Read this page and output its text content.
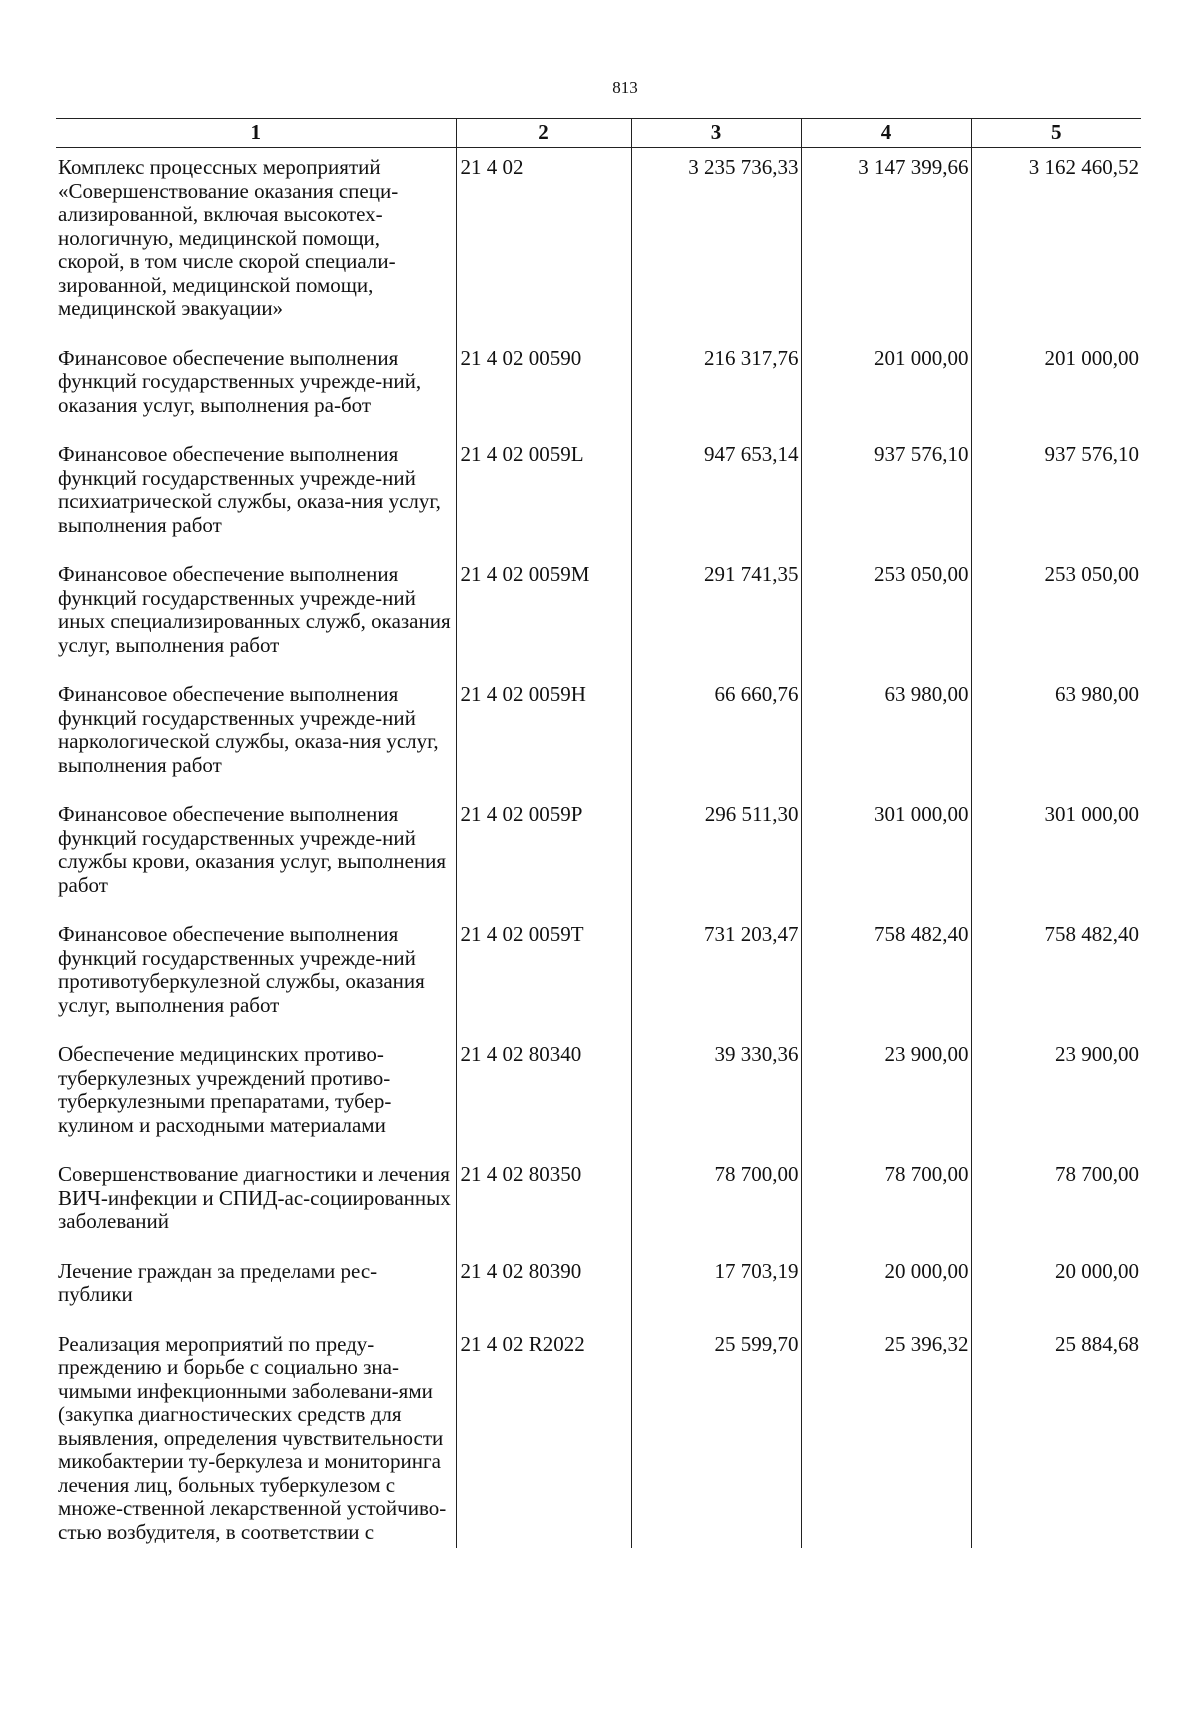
813
1	2	3	4	5
Комплекс процессных мероприятий «Совершенствование оказания специ-ализированной, включая высокотех-нологичную, медицинской помощи, скорой, в том числе скорой специали-зированной, медицинской помощи, медицинской эвакуации»	21 4 02	3 235 736,33	3 147 399,66	3 162 460,52
Финансовое обеспечение выполнения функций государственных учрежде-ний, оказания услуг, выполнения ра-бот	21 4 02 00590	216 317,76	201 000,00	201 000,00
Финансовое обеспечение выполнения функций государственных учрежде-ний психиатрической службы, оказа-ния услуг, выполнения работ	21 4 02 0059L	947 653,14	937 576,10	937 576,10
Финансовое обеспечение выполнения функций государственных учрежде-ний иных специализированных служб, оказания услуг, выполнения работ	21 4 02 0059M	291 741,35	253 050,00	253 050,00
Финансовое обеспечение выполнения функций государственных учрежде-ний наркологической службы, оказа-ния услуг, выполнения работ	21 4 02 0059H	66 660,76	63 980,00	63 980,00
Финансовое обеспечение выполнения функций государственных учрежде-ний службы крови, оказания услуг, выполнения работ	21 4 02 0059P	296 511,30	301 000,00	301 000,00
Финансовое обеспечение выполнения функций государственных учрежде-ний противотуберкулезной службы, оказания услуг, выполнения работ	21 4 02 0059T	731 203,47	758 482,40	758 482,40
Обеспечение медицинских противо-туберкулезных учреждений противо-туберкулезными препаратами, тубер-кулином и расходными материалами	21 4 02 80340	39 330,36	23 900,00	23 900,00
Совершенствование диагностики и лечения ВИЧ-инфекции и СПИД-ас-социированных заболеваний	21 4 02 80350	78 700,00	78 700,00	78 700,00
Лечение граждан за пределами рес-публики	21 4 02 80390	17 703,19	20 000,00	20 000,00
Реализация мероприятий по преду-преждению и борьбе с социально зна-чимыми инфекционными заболевани-ями (закупка диагностических средств для выявления, определения чувствительности микобактерии ту-беркулеза и мониторинга лечения лиц, больных туберкулезом с множе-ственной лекарственной устойчиво-стью возбудителя, в соответствии с	21 4 02 R2022	25 599,70	25 396,32	25 884,68
